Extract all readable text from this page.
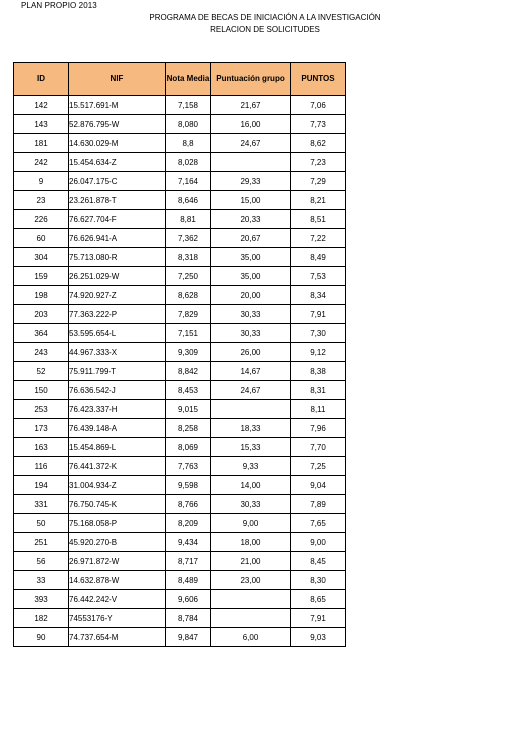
PLAN PROPIO 2013
PROGRAMA DE BECAS DE INICIACIÓN A LA INVESTIGACIÓN
RELACION DE SOLICITUDES
ID	NIF	Nota Media	Puntuación grupo	PUNTOS
142	15.517.691-M	7,158	21,67	7,06
143	52.876.795-W	8,080	16,00	7,73
181	14.630.029-M	8,8	24,67	8,62
242	15.454.634-Z	8,028		7,23
9	26.047.175-C	7,164	29,33	7,29
23	23.261.878-T	8,646	15,00	8,21
226	76.627.704-F	8,81	20,33	8,51
60	76.626.941-A	7,362	20,67	7,22
304	75.713.080-R	8,318	35,00	8,49
159	26.251.029-W	7,250	35,00	7,53
198	74.920.927-Z	8,628	20,00	8,34
203	77.363.222-P	7,829	30,33	7,91
364	53.595.654-L	7,151	30,33	7,30
243	44.967.333-X	9,309	26,00	9,12
52	75.911.799-T	8,842	14,67	8,38
150	76.636.542-J	8,453	24,67	8,31
253	76.423.337-H	9,015		8,11
173	76.439.148-A	8,258	18,33	7,96
163	15.454.869-L	8,069	15,33	7,70
116	76.441.372-K	7,763	9,33	7,25
194	31.004.934-Z	9,598	14,00	9,04
331	76.750.745-K	8,766	30,33	7,89
50	75.168.058-P	8,209	9,00	7,65
251	45.920.270-B	9,434	18,00	9,00
56	26.971.872-W	8,717	21,00	8,45
33	14.632.878-W	8,489	23,00	8,30
393	76.442.242-V	9,606		8,65
182	74553176-Y	8,784		7,91
90	74.737.654-M	9,847	6,00	9,03
